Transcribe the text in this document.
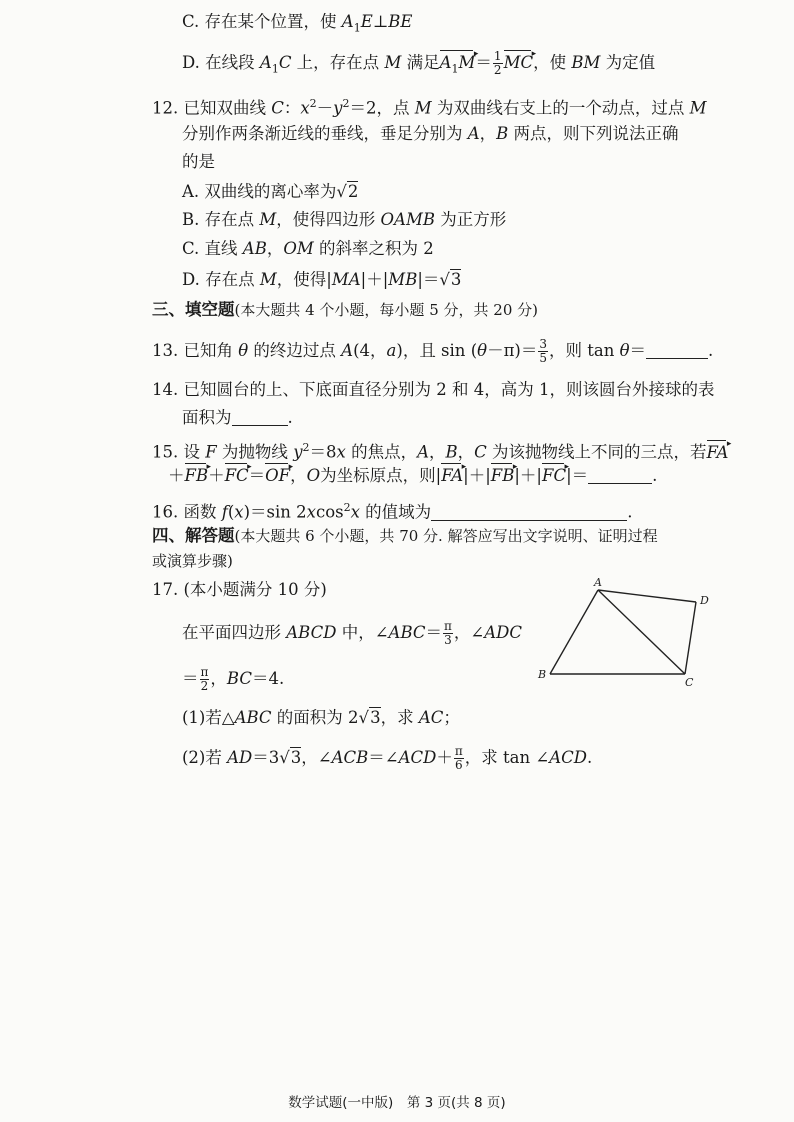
C. 存在某个位置，使 $A_1E\perp BE$
D. 在线段 $A_1C$ 上，存在点 M 满足$A_1M$ ▸＝ $\frac{1}{2}$ MC ▸，使 BM 为定值
12. 已知双曲线 C：$x^2-y^2=2$，点 M 为双曲线右支上的一个动点，过点 M
分别作两条渐近线的垂线，垂足分别为 A，B 两点，则下列说法正确
的是
A. 双曲线的离心率为√2
B. 存在点 M，使得四边形 OAMB 为正方形
C. 直线 AB，OM 的斜率之积为 2
D. 存在点 M，使得|MA|＋|MB|＝√3
三、填空题(本大题共 4 个小题，每小题 5 分，共 20 分)
13. 已知角 θ 的终边过点 A(4，a)，且 $\sin (\theta-\pi)= \frac{3}{5}$ ，则 tan θ＝	.
14. 已知圆台的上、下底面直径分别为 2 和 4，高为 1，则该圆台外接球的表
面积为	.
15. 设 F 为抛物线 $y^2=8x$ 的焦点，A，B，C 为该抛物线上不同的三点，若FA ▸
＋FB ▸＋FC ▸＝OF ▸，O为坐标原点，则|FA ▸|＋|FB ▸|＋|FC ▸|＝	.
16. 函数 f(x)＝sin 2xcos$^2$x 的值域为	.
四、解答题(本大题共 6 个小题，共 70 分. 解答应写出文字说明、证明过程
或演算步骤)
17. (本小题满分 10 分)
在平面四边形 ABCD 中，∠ABC＝ $\frac{\pi}{3}$ ，∠ADC
＝ $\frac{\pi}{2}$ ，BC＝4.
(1)若△ABC 的面积为 2√3，求 AC；
(2)若 AD＝3√3，∠ACB＝∠ACD＋ $\frac{\pi}{6}$ ，求 tan ∠ACD.
A
B
C
D
数学试题(一中版)　第 3 页(共 8 页)
